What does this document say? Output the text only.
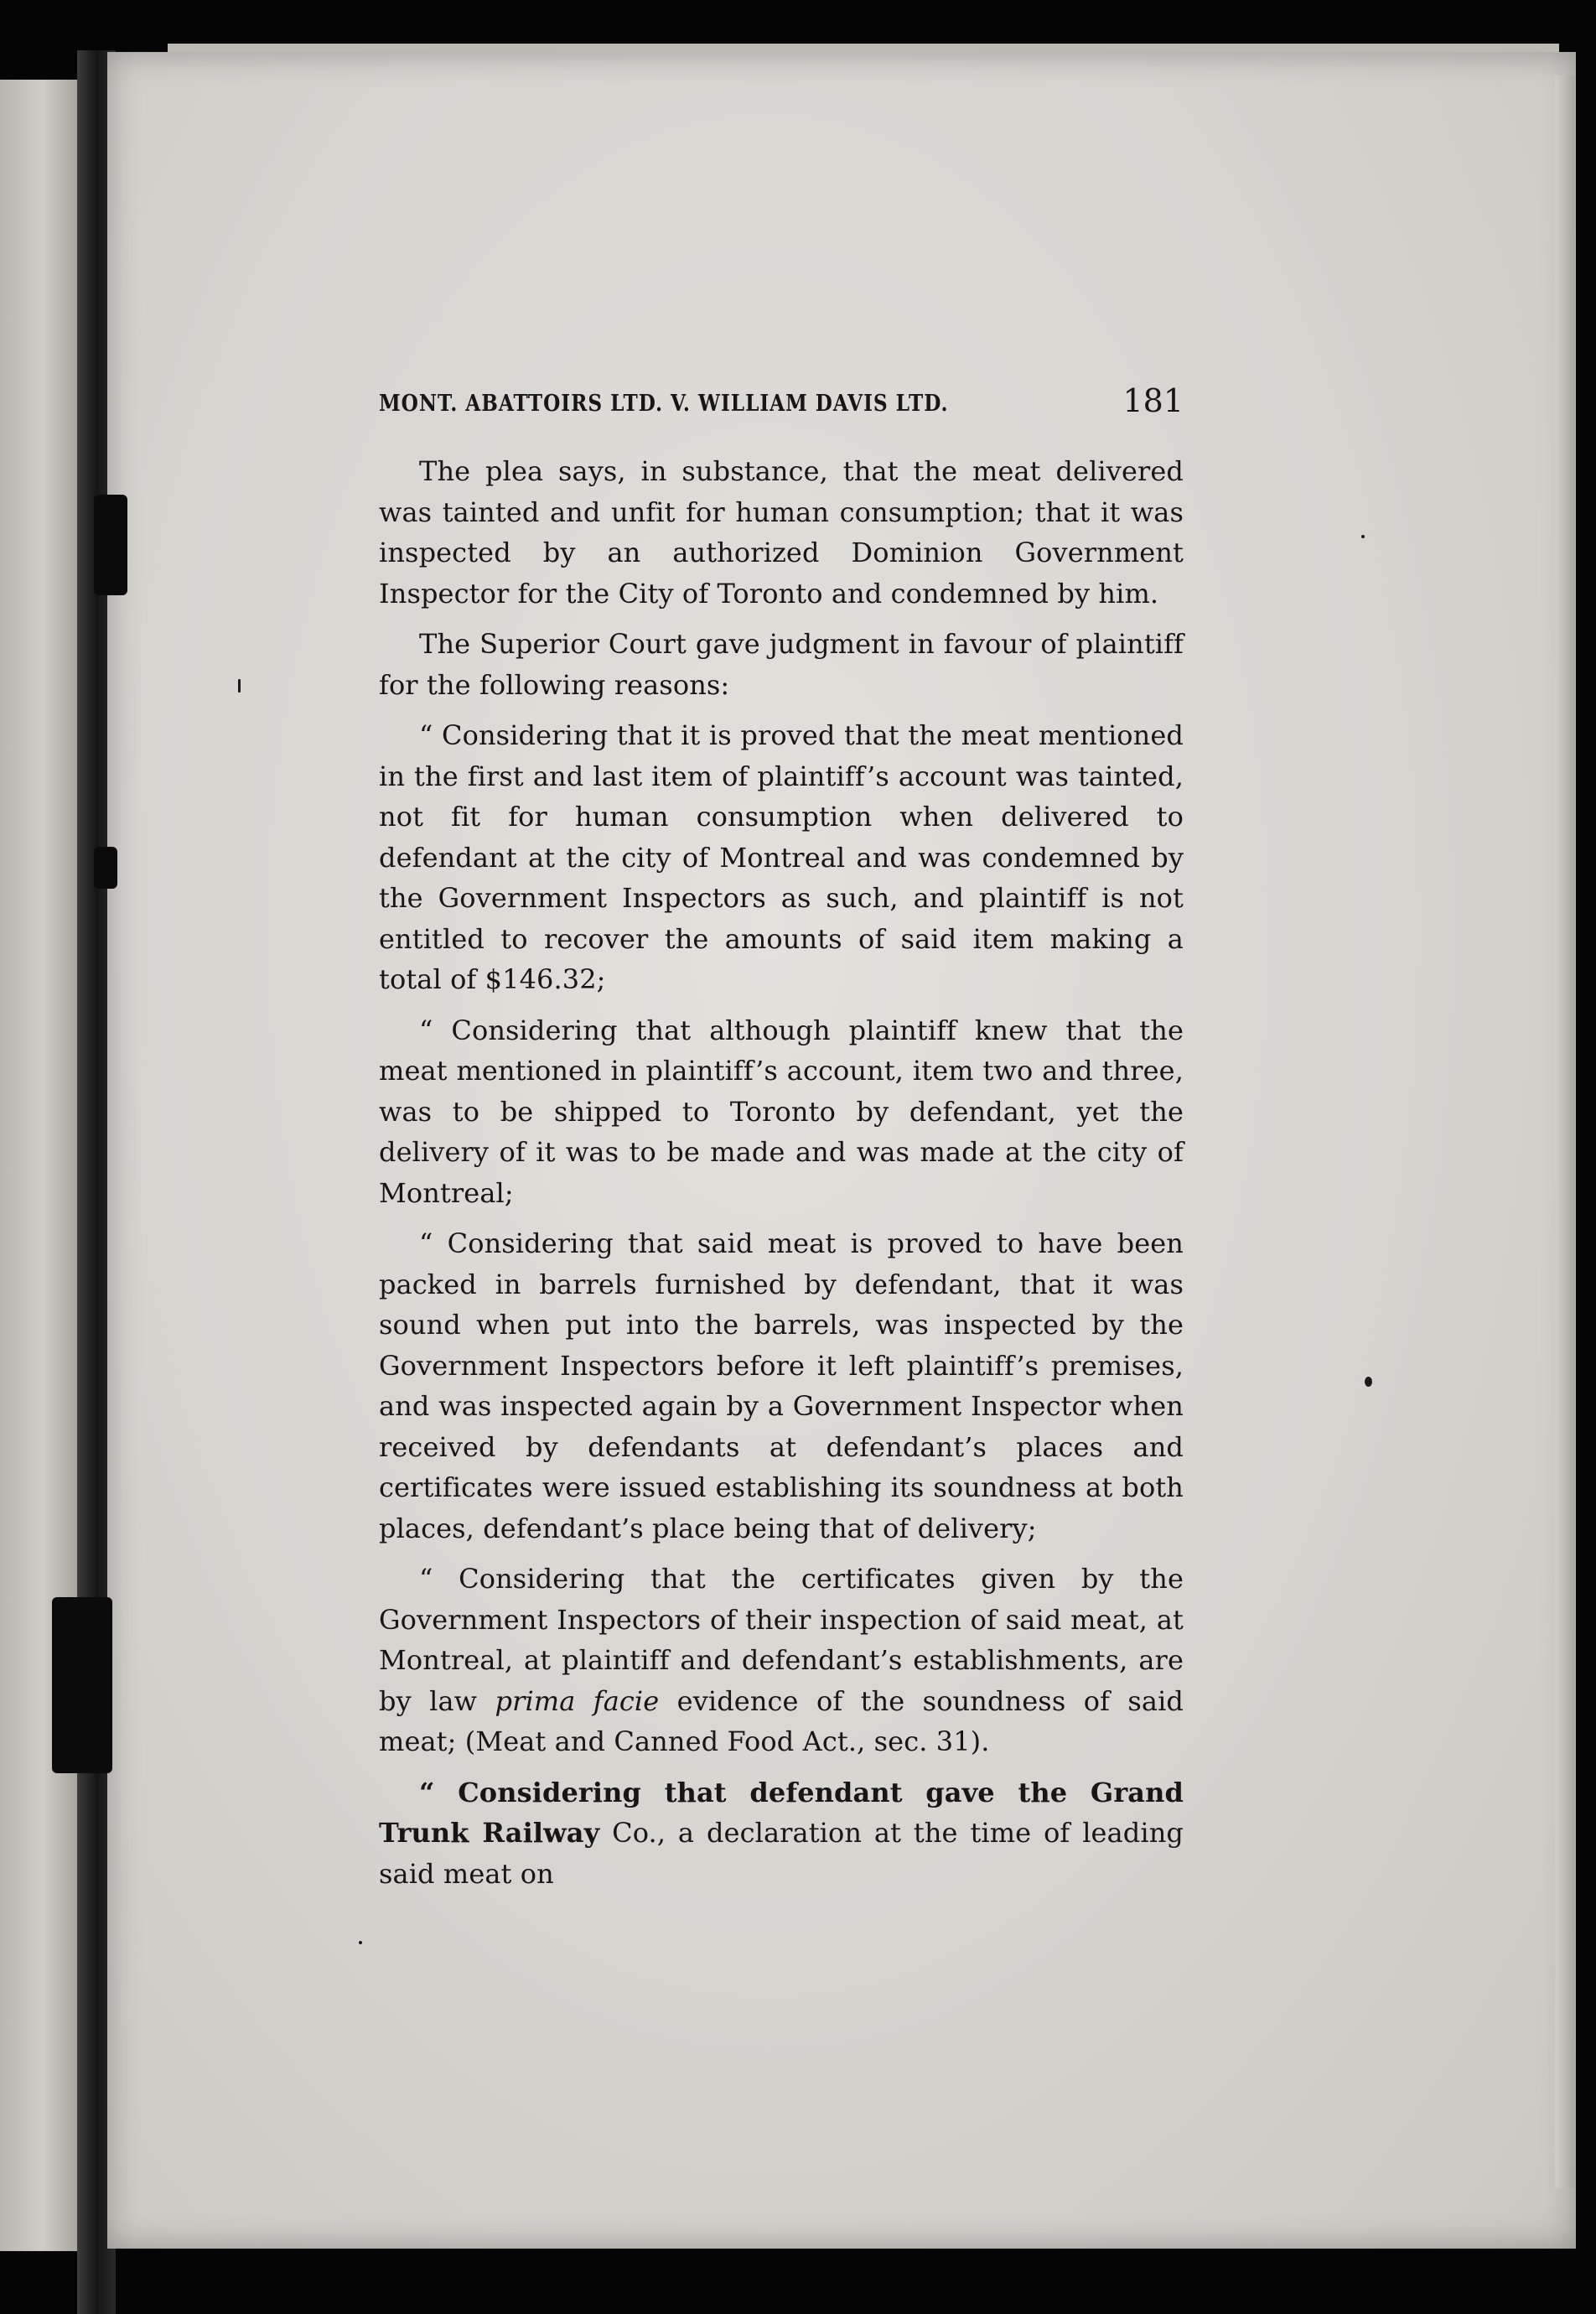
MONT. ABATTOIRS LTD. V. WILLIAM DAVIS LTD.	181

The plea says, in substance, that the meat delivered was tainted and unfit for human consumption; that it was inspected by an authorized Dominion Government Inspector for the City of Toronto and condemned by him.

The Superior Court gave judgment in favour of plaintiff for the following reasons:

“ Considering that it is proved that the meat mentioned in the first and last item of plaintiff’s account was tainted, not fit for human consumption when delivered to defendant at the city of Montreal and was condemned by the Government Inspectors as such, and plaintiff is not entitled to recover the amounts of said item making a total of $146.32;

“ Considering that although plaintiff knew that the meat mentioned in plaintiff’s account, item two and three, was to be shipped to Toronto by defendant, yet the delivery of it was to be made and was made at the city of Montreal;

“ Considering that said meat is proved to have been packed in barrels furnished by defendant, that it was sound when put into the barrels, was inspected by the Government Inspectors before it left plaintiff’s premises, and was inspected again by a Government Inspector when received by defendants at defendant’s places and certificates were issued establishing its soundness at both places, defendant’s place being that of delivery;

“ Considering that the certificates given by the Government Inspectors of their inspection of said meat, at Montreal, at plaintiff and defendant’s establishments, are by law prima facie evidence of the soundness of said meat; (Meat and Canned Food Act., sec. 31).

“ Considering that defendant gave the Grand Trunk Railway Co., a declaration at the time of leading said meat on
